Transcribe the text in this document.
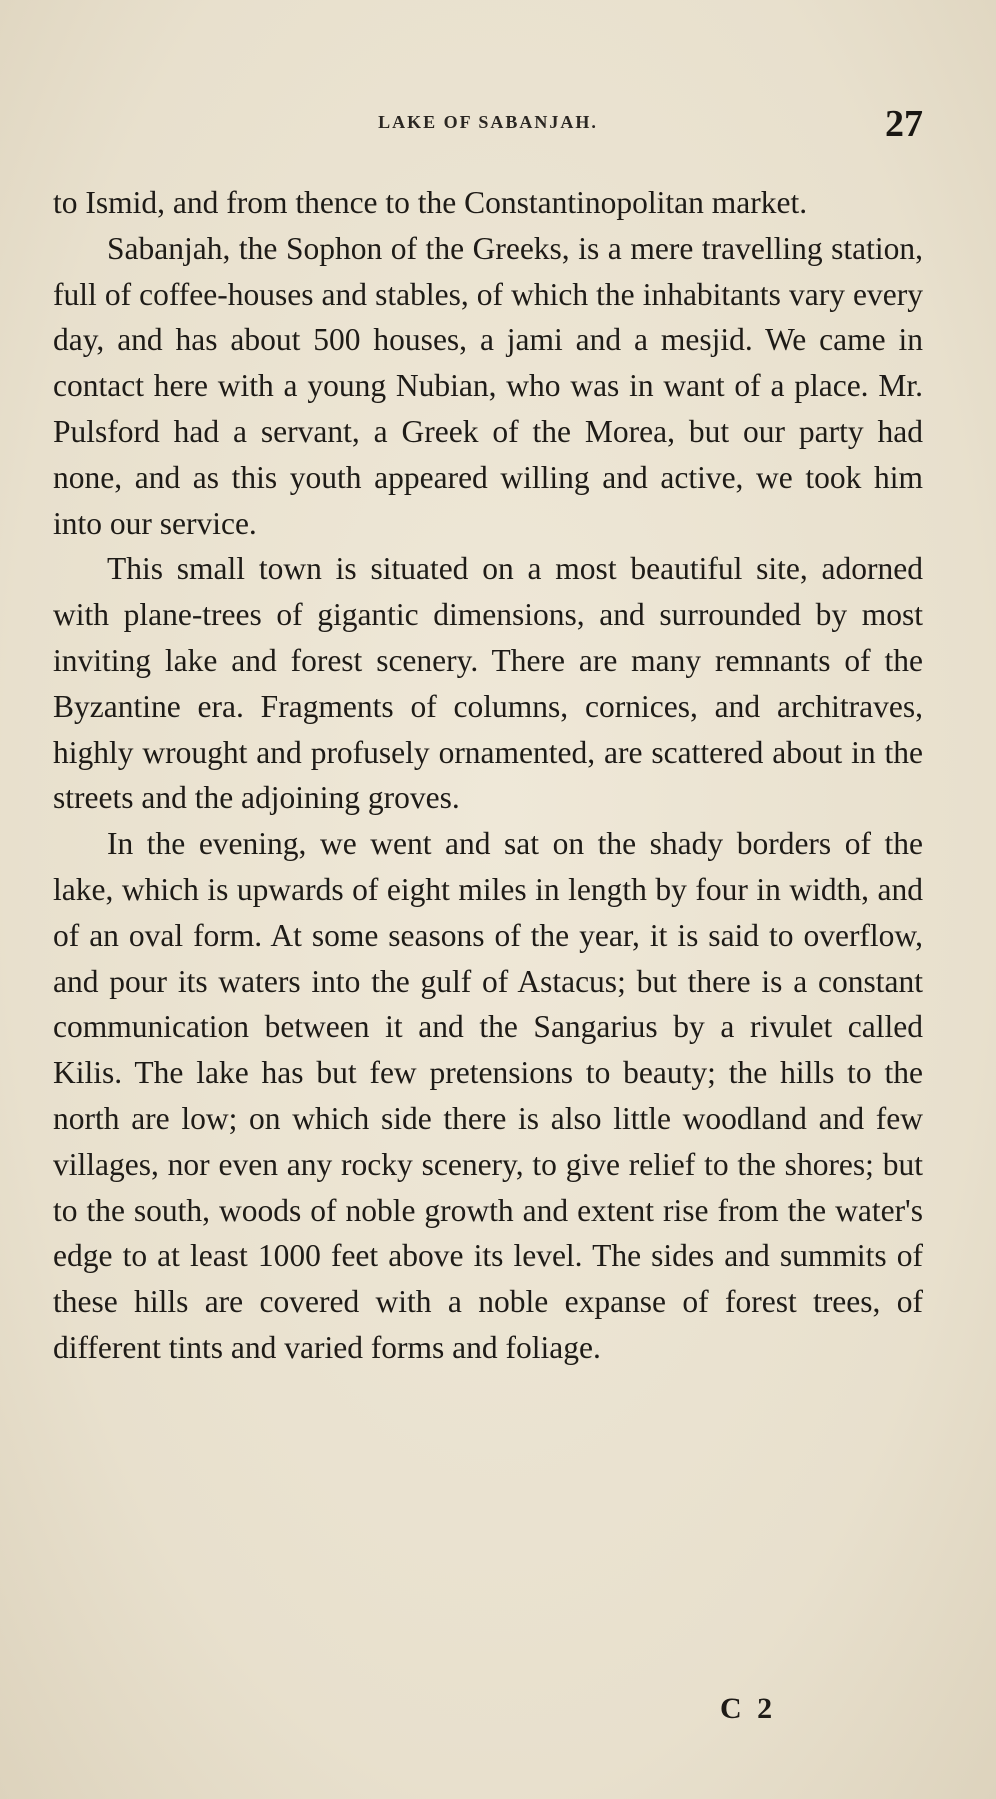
LAKE OF SABANJAH.	27

to Ismid, and from thence to the Constantinopolitan market.

Sabanjah, the Sophon of the Greeks, is a mere travelling station, full of coffee-houses and stables, of which the inhabitants vary every day, and has about 500 houses, a jami and a mesjid. We came in contact here with a young Nubian, who was in want of a place. Mr. Pulsford had a servant, a Greek of the Morea, but our party had none, and as this youth appeared willing and active, we took him into our service.

This small town is situated on a most beautiful site, adorned with plane-trees of gigantic dimensions, and surrounded by most inviting lake and forest scenery. There are many remnants of the Byzantine era. Fragments of columns, cornices, and architraves, highly wrought and profusely ornamented, are scattered about in the streets and the adjoining groves.

In the evening, we went and sat on the shady borders of the lake, which is upwards of eight miles in length by four in width, and of an oval form. At some seasons of the year, it is said to overflow, and pour its waters into the gulf of Astacus; but there is a constant communication between it and the Sangarius by a rivulet called Kilis. The lake has but few pretensions to beauty; the hills to the north are low; on which side there is also little woodland and few villages, nor even any rocky scenery, to give relief to the shores; but to the south, woods of noble growth and extent rise from the water's edge to at least 1000 feet above its level. The sides and summits of these hills are covered with a noble expanse of forest trees, of different tints and varied forms and foliage.

C 2
